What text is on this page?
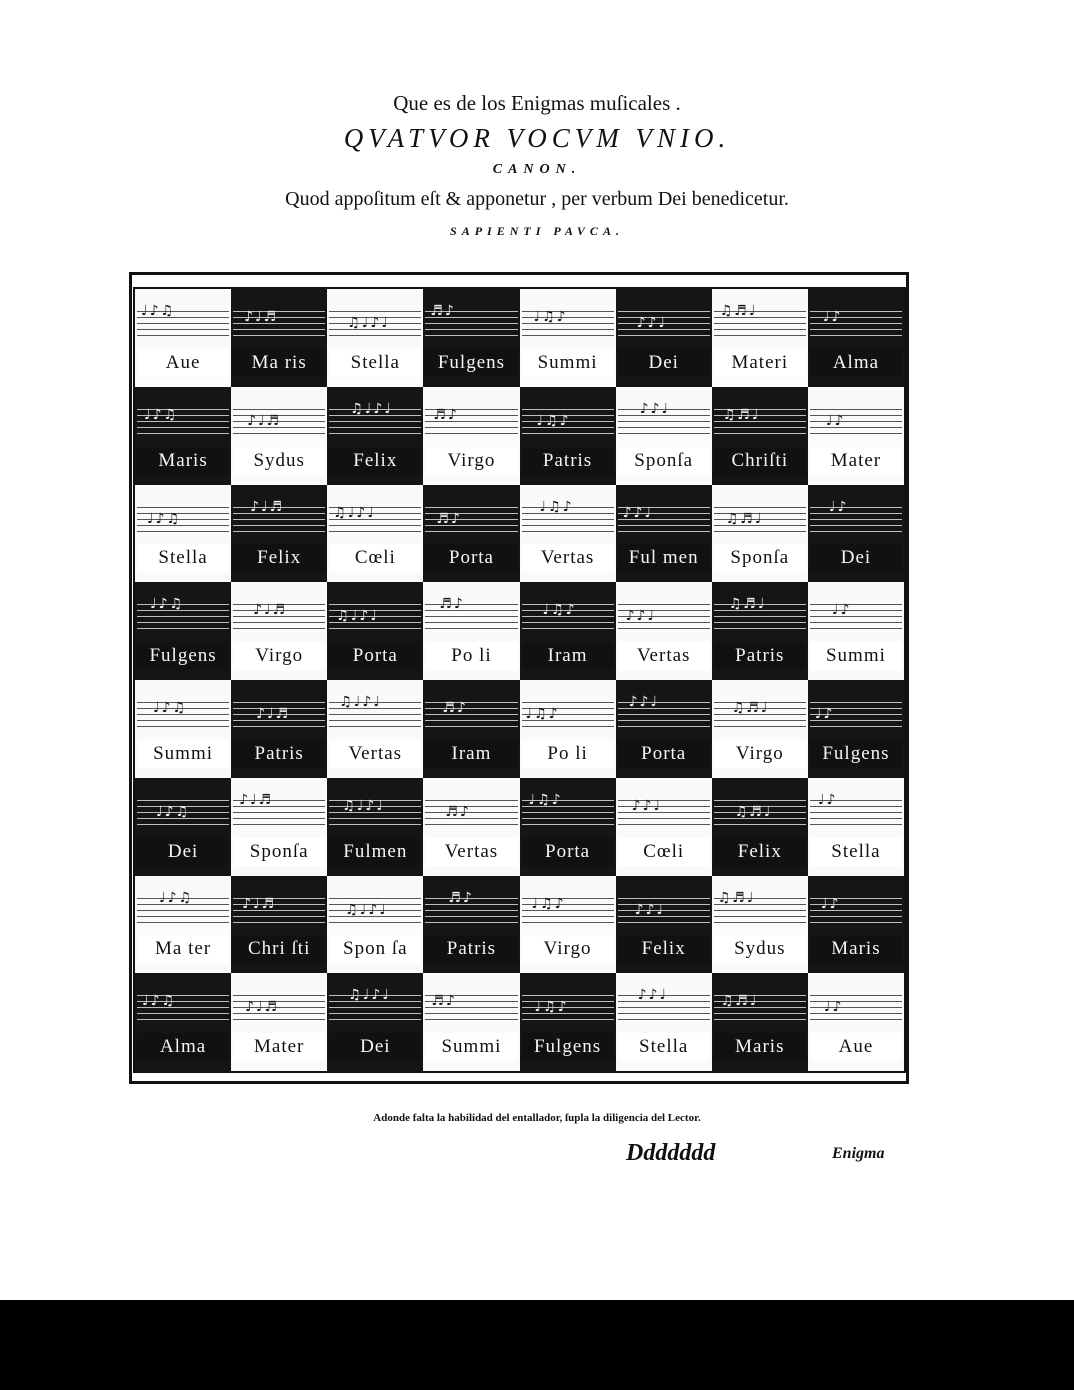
Que es de los Enigmas muſicales .

QVATVOR VOCVM VNIO.

CANON.

Quod appoſitum eſt & apponetur , per verbum Dei benedicetur.

SAPIENTI PAVCA.

♩♪♫
Aue
♪♩♬
Ma ris
♫♩♪♩
Stella
♬♪
Fulgens
♩♫♪
Summi
♪♪♩
Dei
♫♬♩
Materi
♩♪
Alma
♩♪♫
Maris
♪♩♬
Sydus
♫♩♪♩
Felix
♬♪
Virgo
♩♫♪
Patris
♪♪♩
Sponſa
♫♬♩
Chriſti
♩♪
Mater
♩♪♫
Stella
♪♩♬
Felix
♫♩♪♩
Cœli
♬♪
Porta
♩♫♪
Vertas
♪♪♩
Ful men
♫♬♩
Sponſa
♩♪
Dei
♩♪♫
Fulgens
♪♩♬
Virgo
♫♩♪♩
Porta
♬♪
Po li
♩♫♪
Iram
♪♪♩
Vertas
♫♬♩
Patris
♩♪
Summi
♩♪♫
Summi
♪♩♬
Patris
♫♩♪♩
Vertas
♬♪
Iram
♩♫♪
Po li
♪♪♩
Porta
♫♬♩
Virgo
♩♪
Fulgens
♩♪♫
Dei
♪♩♬
Sponſa
♫♩♪♩
Fulmen
♬♪
Vertas
♩♫♪
Porta
♪♪♩
Cœli
♫♬♩
Felix
♩♪
Stella
♩♪♫
Ma ter
♪♩♬
Chri ſti
♫♩♪♩
Spon ſa
♬♪
Patris
♩♫♪
Virgo
♪♪♩
Felix
♫♬♩
Sydus
♩♪
Maris
♩♪♫
Alma
♪♩♬
Mater
♫♩♪♩
Dei
♬♪
Summi
♩♫♪
Fulgens
♪♪♩
Stella
♫♬♩
Maris
♩♪
Aue
Adonde falta la habilidad del entallador, ſupla la diligencia del Lector.
Ddddddd	Enigma
